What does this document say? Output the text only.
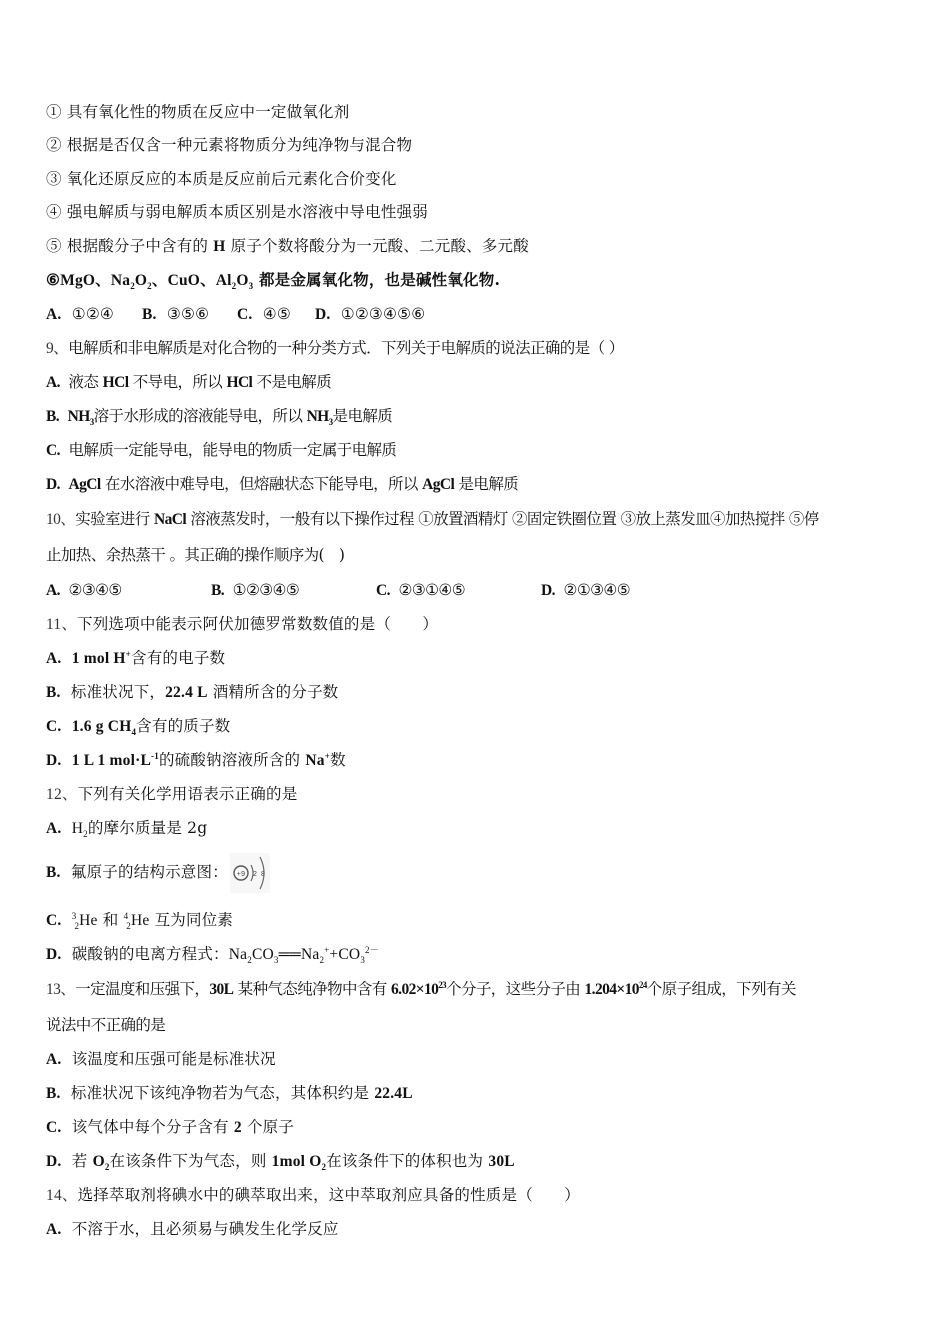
① 具有氧化性的物质在反应中一定做氧化剂
② 根据是否仅含一种元素将物质分为纯净物与混合物
③ 氧化还原反应的本质是反应前后元素化合价变化
④ 强电解质与弱电解质本质区别是水溶液中导电性强弱
⑤ 根据酸分子中含有的 H 原子个数将酸分为一元酸、二元酸、多元酸
⑥MgO、$Na_2O_2$、CuO、$Al_2O_3$ 都是金属氧化物，也是碱性氧化物.
A. ①②④ B. ③⑤⑥ C. ④⑤ D. ①②③④⑤⑥
9、电解质和非电解质是对化合物的一种分类方式．下列关于电解质的说法正确的是（ ）
A. 液态 HCl 不导电，所以 HCl 不是电解质
B. $NH_3$溶于水形成的溶液能导电，所以 $NH_3$是电解质
C. 电解质一定能导电，能导电的物质一定属于电解质
D. AgCl 在水溶液中难导电，但熔融状态下能导电，所以 AgCl 是电解质
10、实验室进行 NaCl 溶液蒸发时，一般有以下操作过程 ①放置酒精灯 ②固定铁圈位置 ③放上蒸发皿④加热搅拌 ⑤停
止加热、余热蒸干 。其正确的操作顺序为(　)
A. ②③④⑤	B. ①②③④⑤	C. ②③①④⑤	D. ②①③④⑤
11、下列选项中能表示阿伏加德罗常数数值的是（　　）
A. 1 mol H+含有的电子数
B. 标准状况下，22.4 L 酒精所含的分子数
C. 1.6 g $CH_4$含有的质子数
D. 1 L 1 $mol\cdot L^{-1}$的硫酸钠溶液所含的 Na+数
12、下列有关化学用语表示正确的是
A. $H_2$的摩尔质量是 2g
B. 氟原子的结构示意图： +9 2 8
C. $^3_2$He 和 $^4_2$He 互为同位素
D. 碳酸钠的电离方程式：$Na_2CO_3══Na_2^++CO_3^{2-}$
13、一定温度和压强下，30L 某种气态纯净物中含有 $6.02\times 10^{23}$个分子，这些分子由 $1.204\times 10^{24}$个原子组成，下列有关
说法中不正确的是
A. 该温度和压强可能是标准状况
B. 标准状况下该纯净物若为气态，其体积约是 22.4L
C. 该气体中每个分子含有 2 个原子
D. 若 $O_2$在该条件下为气态，则 1mol $O_2$在该条件下的体积也为 30L
14、选择萃取剂将碘水中的碘萃取出来，这中萃取剂应具备的性质是（　　）
A. 不溶于水，且必须易与碘发生化学反应
